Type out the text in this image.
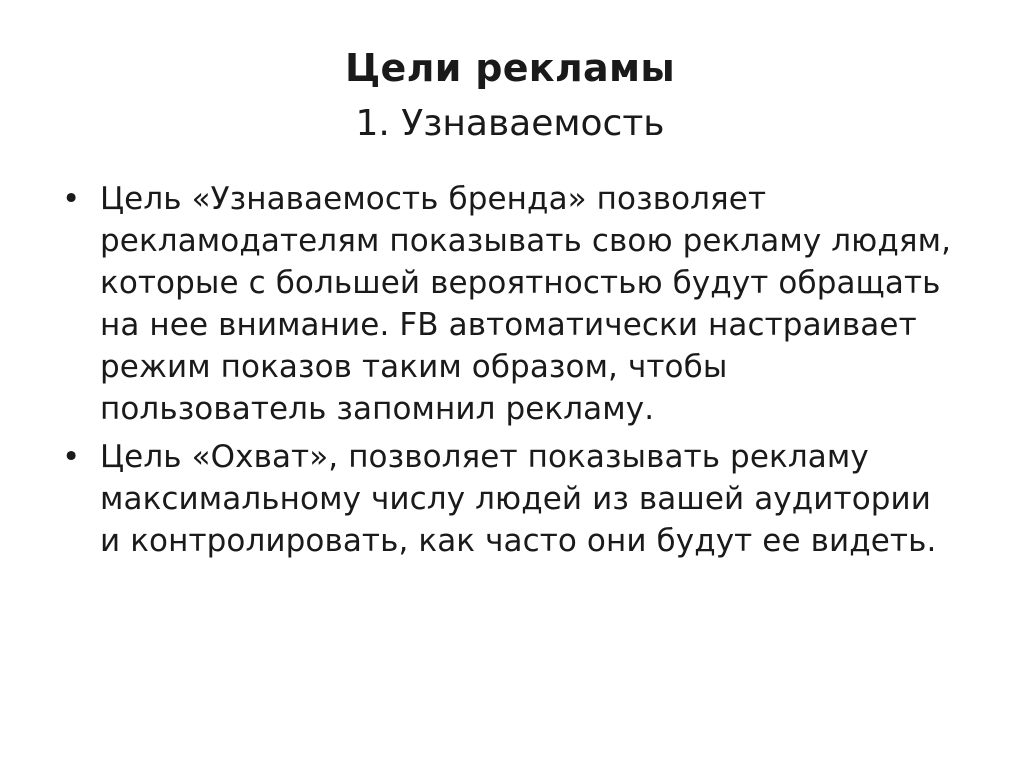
Цели рекламы
1. Узнаваемость
• Цель «Узнаваемость бренда» позволяет рекламодателям показывать свою рекламу людям, которые с большей вероятностью будут обращать на нее внимание. FB автоматически настраивает режим показов таким образом, чтобы пользователь запомнил рекламу.
• Цель «Охват», позволяет показывать рекламу максимальному числу людей из вашей аудитории и контролировать, как часто они будут ее видеть.
